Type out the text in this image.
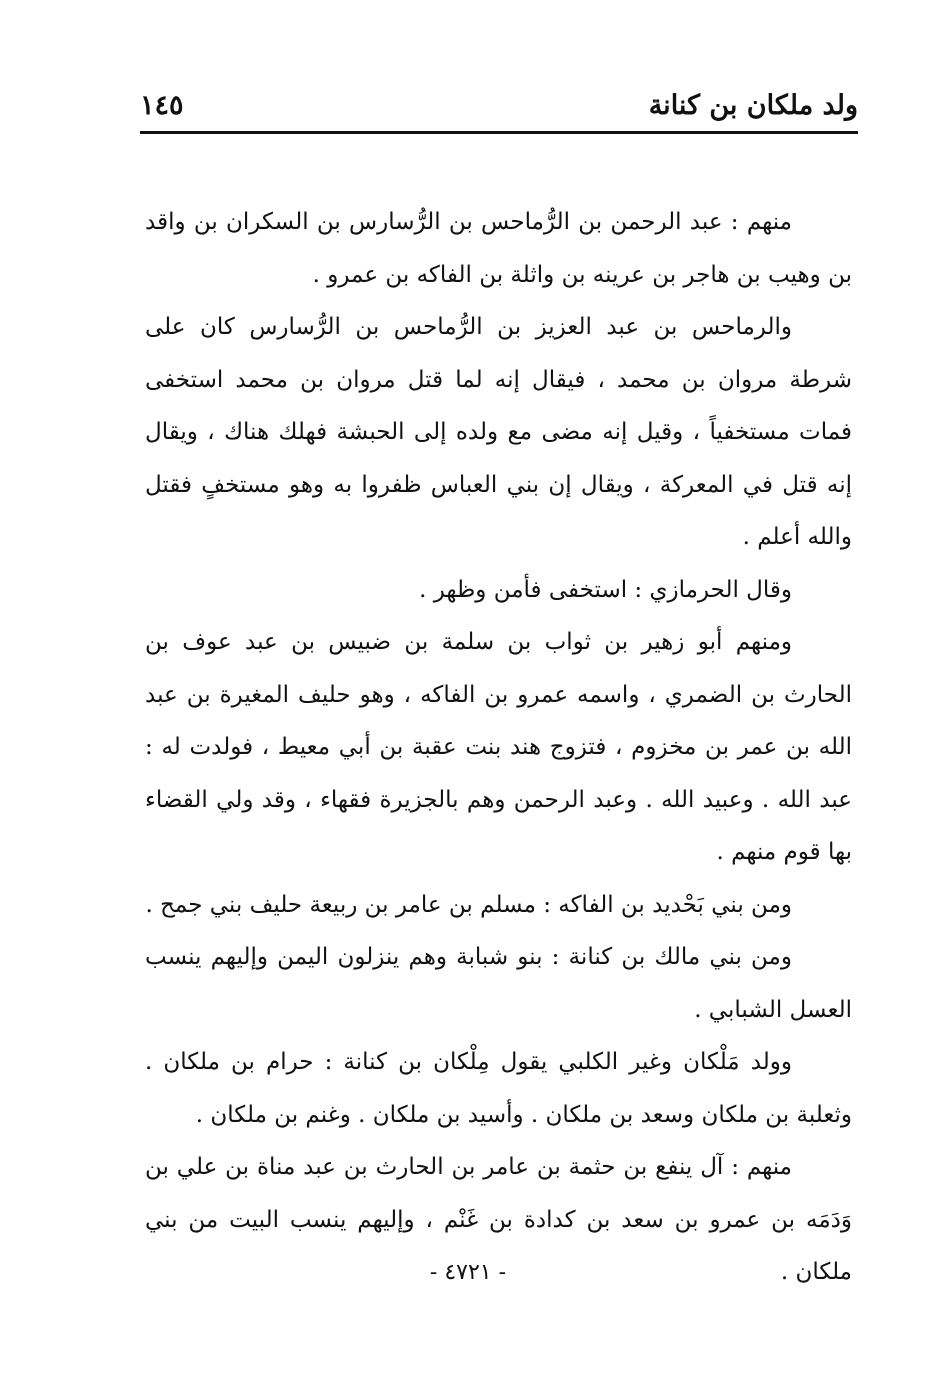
ولد ملكان بن كنانة
١٤٥

منهم : عبد الرحمن بن الرُّماحس بن الرُّسارس بن السكران بن واقد بن وهيب بن هاجر بن عرينه بن واثلة بن الفاكه بن عمرو .

والرماحس بن عبد العزيز بن الرُّماحس بن الرُّسارس كان على شرطة مروان بن محمد ، فيقال إنه لما قتل مروان بن محمد استخفى فمات مستخفياً ، وقيل إنه مضى مع ولده إلى الحبشة فهلك هناك ، ويقال إنه قتل في المعركة ، ويقال إن بني العباس ظفروا به وهو مستخفٍ فقتل والله أعلم .

وقال الحرمازي : استخفى فأمن وظهر .

ومنهم أبو زهير بن ثواب بن سلمة بن ضبيس بن عبد عوف بن الحارث بن الضمري ، واسمه عمرو بن الفاكه ، وهو حليف المغيرة بن عبد الله بن عمر بن مخزوم ، فتزوج هند بنت عقبة بن أبي معيط ، فولدت له : عبد الله . وعبيد الله . وعبد الرحمن وهم بالجزيرة فقهاء ، وقد ولي القضاء بها قوم منهم .

ومن بني بَحْديد بن الفاكه : مسلم بن عامر بن ربيعة حليف بني جمح .

ومن بني مالك بن كنانة : بنو شبابة وهم ينزلون اليمن وإليهم ينسب العسل الشبابي .

وولد مَلْكان وغير الكلبي يقول مِلْكان بن كنانة : حرام بن ملكان . وثعلبة بن ملكان وسعد بن ملكان . وأسيد بن ملكان . وغنم بن ملكان .

منهم : آل ينفع بن حثمة بن عامر بن الحارث بن عبد مناة بن علي بن وَدَمَه بن عمرو بن سعد بن كدادة بن غَنْم ، وإليهم ينسب البيت من بني ملكان .

- ٤٧٢١ -
